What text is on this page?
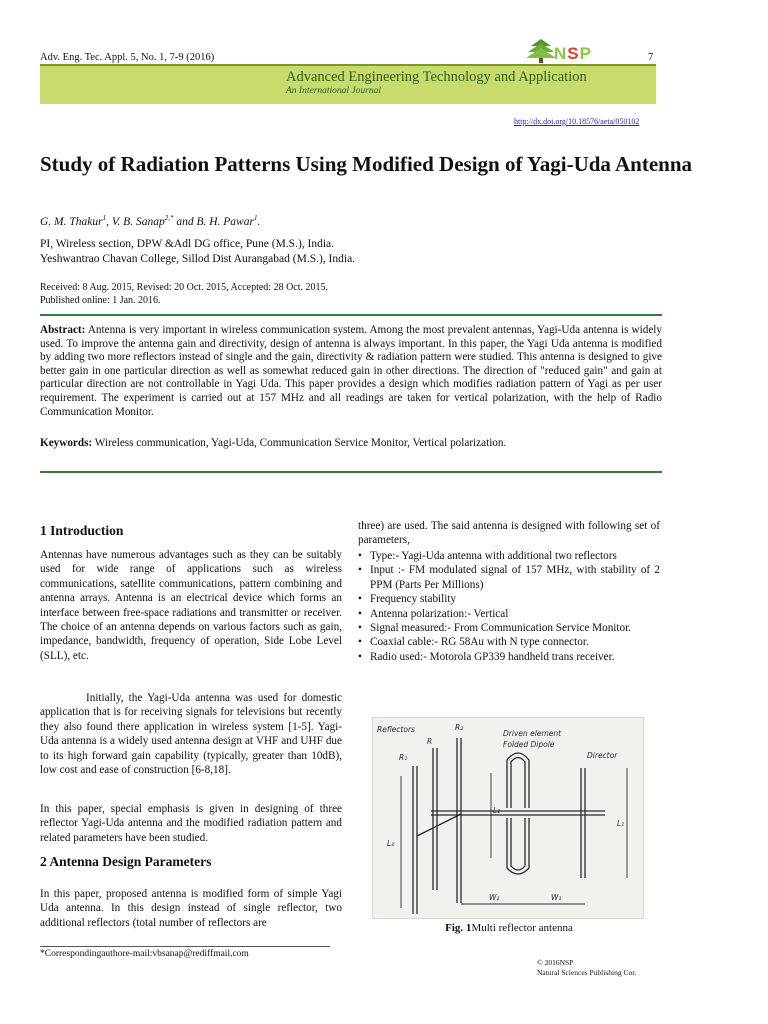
Adv. Eng. Tec. Appl. 5, No. 1, 7-9 (2016)	NSP	7
Advanced Engineering Technology and Application
An International Journal
http://dx.doi.org/10.18576/aeta/050102
Study of Radiation Patterns Using Modified Design of Yagi-Uda Antenna
G. M. Thakur$^1$, V. B. Sanap$^{2,*}$ and B. H. Pawar$^1$.
PI, Wireless section, DPW &Adl DG office, Pune (M.S.), India.
Yeshwantrao Chavan College, Sillod Dist Aurangabad (M.S.), India.
Received: 8 Aug. 2015, Revised: 20 Oct. 2015, Accepted: 28 Oct. 2015.
Published online: 1 Jan. 2016.
Abstract: Antenna is very important in wireless communication system. Among the most prevalent antennas, Yagi-Uda antenna is widely used. To improve the antenna gain and directivity, design of antenna is always important. In this paper, the Yagi Uda antenna is modified by adding two more reflectors instead of single and the gain, directivity & radiation pattern were studied. This antenna is designed to give better gain in one particular direction as well as somewhat reduced gain in other directions. The direction of "reduced gain" and gain at particular direction are not controllable in Yagi Uda. This paper provides a design which modifies radiation pattern of Yagi as per user requirement. The experiment is carried out at 157 MHz and all readings are taken for vertical polarization, with the help of Radio Communication Monitor.
Keywords: Wireless communication, Yagi-Uda, Communication Service Monitor, Vertical polarization.
1 Introduction
Antennas have numerous advantages such as they can be suitably used for wide range of applications such as wireless communications, satellite communications, pattern combining and antenna arrays. Antenna is an electrical device which forms an interface between free-space radiations and transmitter or receiver. The choice of an antenna depends on various factors such as gain, impedance, bandwidth, frequency of operation, Side Lobe Level (SLL), etc.
Initially, the Yagi-Uda antenna was used for domestic application that is for receiving signals for televisions but recently they also found there application in wireless system [1-5]. Yagi-Uda antenna is a widely used antenna design at VHF and UHF due to its high forward gain capability (typically, greater than 10dB), low cost and ease of construction [6-8,18].
In this paper, special emphasis is given in designing of three reflector Yagi-Uda antenna and the modified radiation pattern and related parameters have been studied.
2 Antenna Design Parameters
In this paper, proposed antenna is modified form of simple Yagi Uda antenna. In this design instead of single reflector, two additional reflectors (total number of reflectors are
three) are used. The said antenna is designed with following set of parameters,
• Type:- Yagi-Uda antenna with additional two reflectors
• Input :- FM modulated signal of 157 MHz, with stability of 2 PPM (Parts Per Millions)
• Frequency stability
• Antenna polarization:- Vertical
• Signal measured:- From Communication Service Monitor.
• Coaxial cable:- RG 58Au with N type connector.
• Radio used:- Motorola GP339 handheld trans receiver.
Reflectors
R₁
R₂
R
Driven element
Folded Dipole
Director
L₁
L₂
L₃
W₂	W₁
Fig. 1Multi reflector antenna
*Correspondingauthore-mail:vbsanap@rediffmail.com
© 2016NSP
Natural Sciences Publishing Cor.
